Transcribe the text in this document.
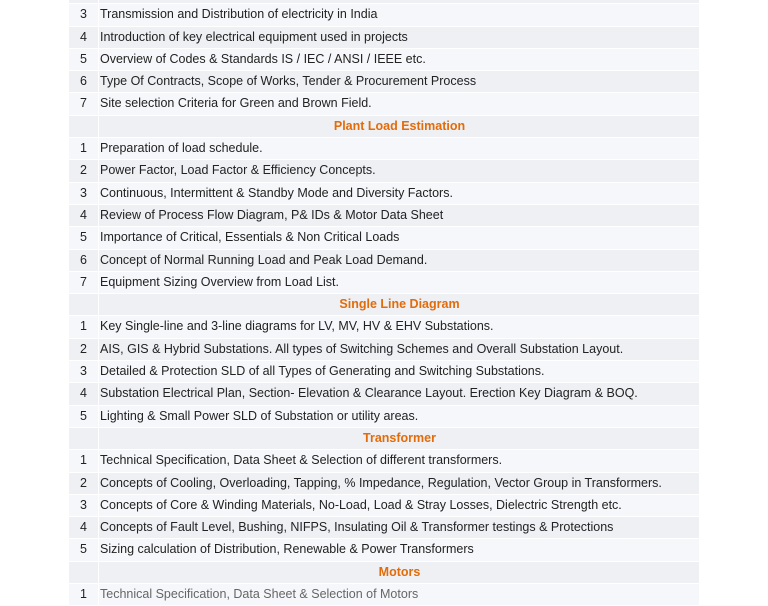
3	Transmission and Distribution of electricity in India
4	Introduction of key electrical equipment used in projects
5	Overview of Codes & Standards IS / IEC / ANSI / IEEE etc.
6	Type Of Contracts, Scope of Works, Tender & Procurement Process
7	Site selection Criteria for Green and Brown Field.
Plant Load Estimation
1	Preparation of load schedule.
2	Power Factor, Load Factor & Efficiency Concepts.
3	Continuous, Intermittent & Standby Mode and Diversity Factors.
4	Review of Process Flow Diagram, P& IDs & Motor Data Sheet
5	Importance of Critical, Essentials & Non Critical Loads
6	Concept of Normal Running Load and Peak Load Demand.
7	Equipment Sizing Overview from Load List.
Single Line Diagram
1	Key Single-line and 3-line diagrams for LV, MV, HV & EHV Substations.
2	AIS, GIS & Hybrid Substations. All types of Switching Schemes and Overall Substation Layout.
3	Detailed & Protection SLD of all Types of Generating and Switching Substations.
4	Substation Electrical Plan, Section- Elevation & Clearance Layout. Erection Key Diagram & BOQ.
5	Lighting & Small Power SLD of Substation or utility areas.
Transformer
1	Technical Specification, Data Sheet & Selection of different transformers.
2	Concepts of Cooling, Overloading, Tapping, % Impedance, Regulation, Vector Group in Transformers.
3	Concepts of Core & Winding Materials, No-Load, Load & Stray Losses, Dielectric Strength etc.
4	Concepts of Fault Level, Bushing, NIFPS, Insulating Oil & Transformer testings & Protections
5	Sizing calculation of Distribution, Renewable & Power Transformers
Motors
1	Technical Specification, Data Sheet & Selection of Motors
